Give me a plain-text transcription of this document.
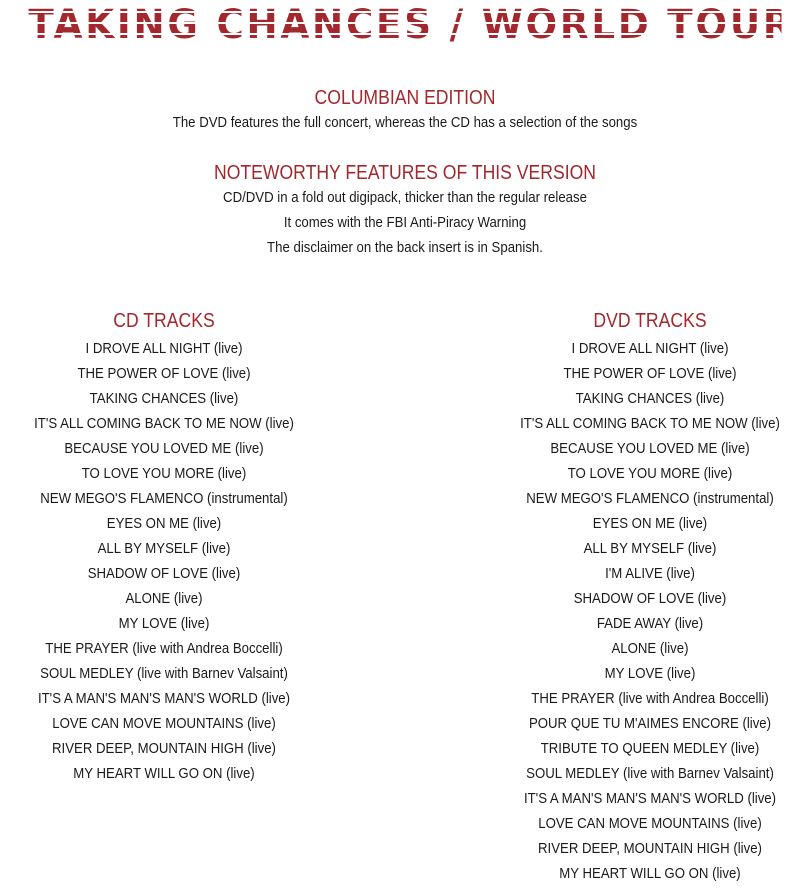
TAKING CHANCES / WORLD TOUR
COLUMBIAN EDITION
The DVD features the full concert, whereas the CD has a selection of the songs
NOTEWORTHY FEATURES OF THIS VERSION
CD/DVD in a fold out digipack, thicker than the regular release
It comes with the FBI Anti-Piracy Warning
The disclaimer on the back insert is in Spanish.
CD TRACKS
I DROVE ALL NIGHT (live)
THE POWER OF LOVE (live)
TAKING CHANCES (live)
IT'S ALL COMING BACK TO ME NOW (live)
BECAUSE YOU LOVED ME (live)
TO LOVE YOU MORE (live)
NEW MEGO'S FLAMENCO (instrumental)
EYES ON ME (live)
ALL BY MYSELF (live)
SHADOW OF LOVE (live)
ALONE (live)
MY LOVE (live)
THE PRAYER (live with Andrea Boccelli)
SOUL MEDLEY (live with Barnev Valsaint)
IT'S A MAN'S MAN'S MAN'S WORLD (live)
LOVE CAN MOVE MOUNTAINS (live)
RIVER DEEP, MOUNTAIN HIGH (live)
MY HEART WILL GO ON (live)
DVD TRACKS
I DROVE ALL NIGHT (live)
THE POWER OF LOVE (live)
TAKING CHANCES (live)
IT'S ALL COMING BACK TO ME NOW (live)
BECAUSE YOU LOVED ME (live)
TO LOVE YOU MORE (live)
NEW MEGO'S FLAMENCO (instrumental)
EYES ON ME (live)
ALL BY MYSELF (live)
I'M ALIVE (live)
SHADOW OF LOVE (live)
FADE AWAY (live)
ALONE (live)
MY LOVE (live)
THE PRAYER (live with Andrea Boccelli)
POUR QUE TU M'AIMES ENCORE (live)
TRIBUTE TO QUEEN MEDLEY (live)
SOUL MEDLEY (live with Barnev Valsaint)
IT'S A MAN'S MAN'S MAN'S WORLD (live)
LOVE CAN MOVE MOUNTAINS (live)
RIVER DEEP, MOUNTAIN HIGH (live)
MY HEART WILL GO ON (live)
